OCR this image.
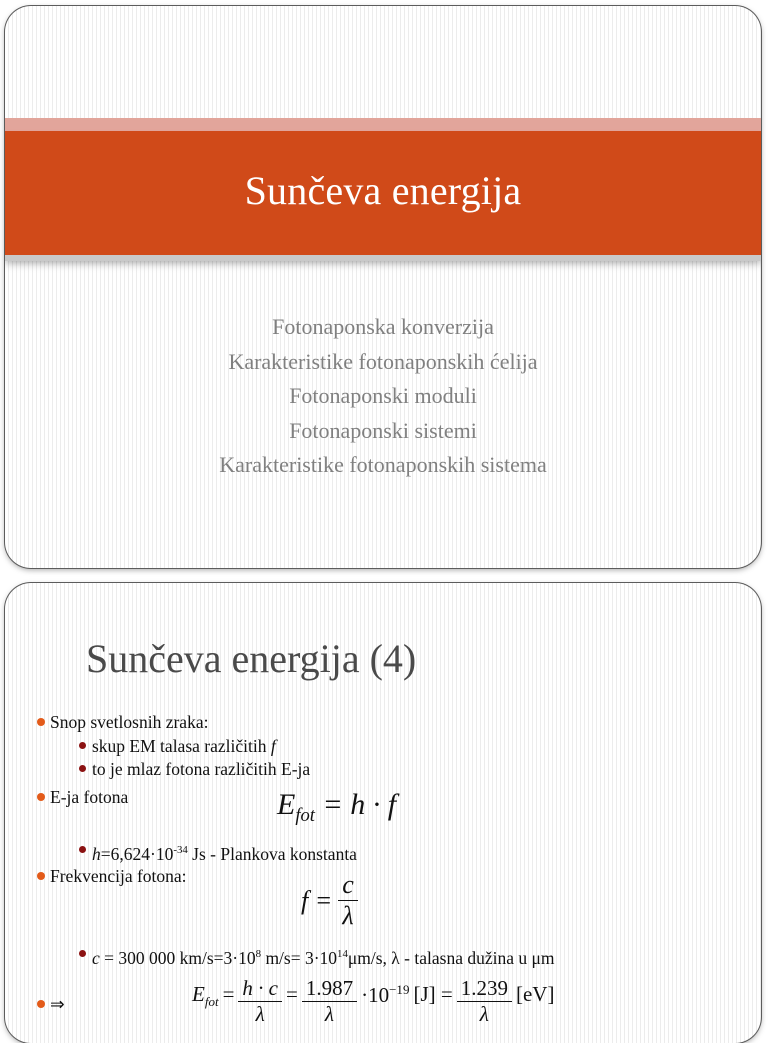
Sunčeva energija
Fotonaponska konverzija
Karakteristike fotonaponskih ćelija
Fotonaponski moduli
Fotonaponski sistemi
Karakteristike fotonaponskih sistema
Sunčeva energija (4)
Snop svetlosnih zraka:
skup EM talasa različitih f
to je mlaz fotona različitih E-ja
E-ja fotona	$E_{fot} = h \cdot f$
$h=6,624\cdot 10^{-34}$ Js - Plankova konstanta
Frekvencija fotona:
$f = \frac{c}{\lambda}$
c = 300 000 $km/s=3\cdot 10^8$ $m/s= 3\cdot 10^{14}\mu m/s$, λ - talasna dužina u μm
⇒	$E_{fot} = \frac{h \cdot c}{\lambda} = \frac{1.987}{\lambda} \cdot 10^{-19}$ $[J] = \frac{1.239}{\lambda} [eV]$
